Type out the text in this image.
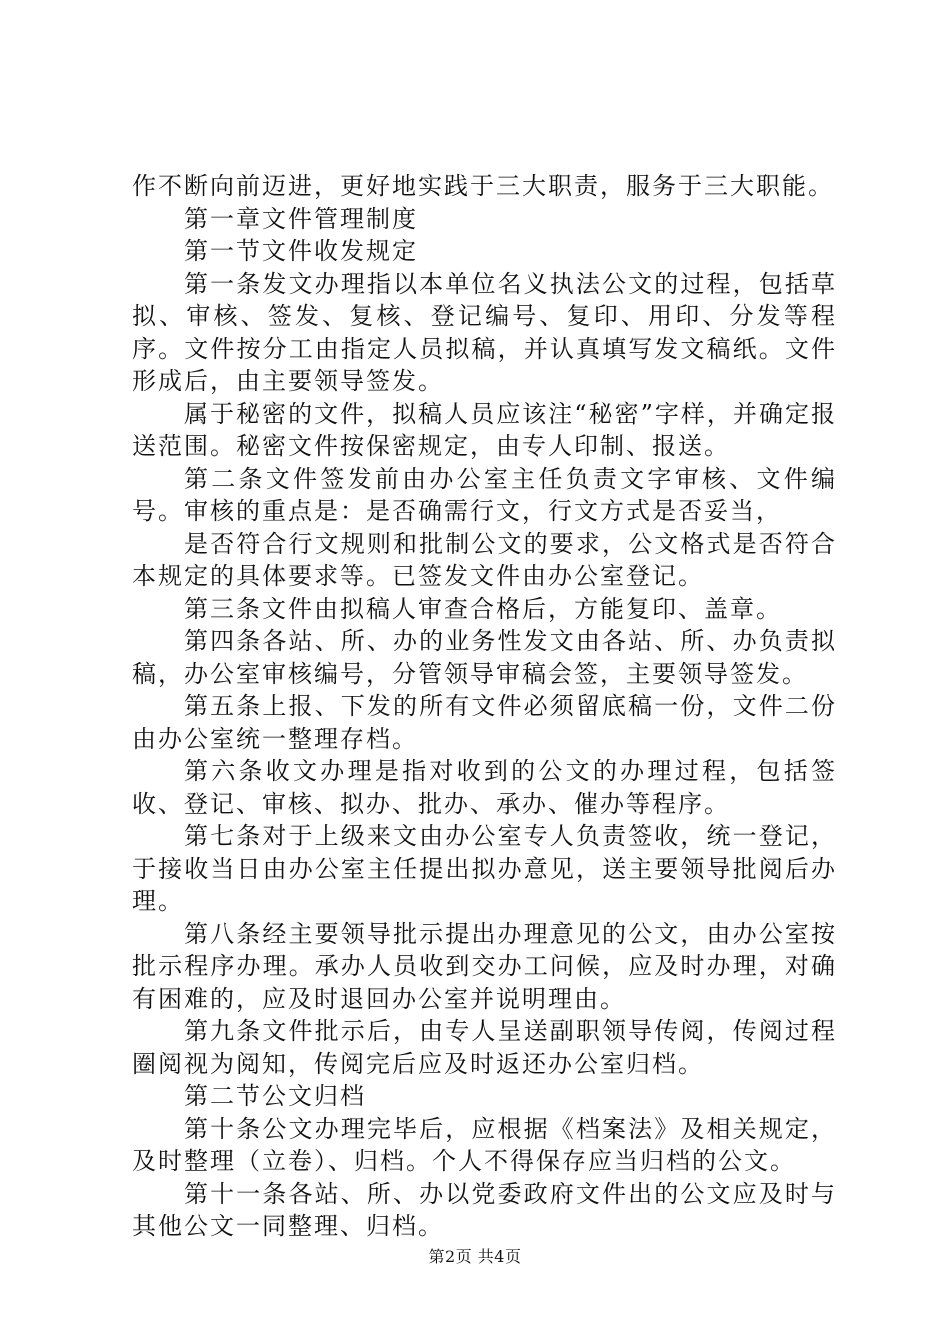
作不断向前迈进，更好地实践于三大职责，服务于三大职能。

第一章文件管理制度

第一节文件收发规定

第一条发文办理指以本单位名义执法公文的过程，包括草拟、审核、签发、复核、登记编号、复印、用印、分发等程序。文件按分工由指定人员拟稿，并认真填写发文稿纸。文件形成后，由主要领导签发。

属于秘密的文件，拟稿人员应该注“秘密”字样，并确定报送范围。秘密文件按保密规定，由专人印制、报送。

第二条文件签发前由办公室主任负责文字审核、文件编号。审核的重点是：是否确需行文，行文方式是否妥当，

是否符合行文规则和批制公文的要求，公文格式是否符合本规定的具体要求等。已签发文件由办公室登记。

第三条文件由拟稿人审查合格后，方能复印、盖章。

第四条各站、所、办的业务性发文由各站、所、办负责拟稿，办公室审核编号，分管领导审稿会签，主要领导签发。

第五条上报、下发的所有文件必须留底稿一份，文件二份由办公室统一整理存档。

第六条收文办理是指对收到的公文的办理过程，包括签收、登记、审核、拟办、批办、承办、催办等程序。

第七条对于上级来文由办公室专人负责签收，统一登记，于接收当日由办公室主任提出拟办意见，送主要领导批阅后办理。

第八条经主要领导批示提出办理意见的公文，由办公室按批示程序办理。承办人员收到交办工问候，应及时办理，对确有困难的，应及时退回办公室并说明理由。

第九条文件批示后，由专人呈送副职领导传阅，传阅过程圈阅视为阅知，传阅完后应及时返还办公室归档。

第二节公文归档

第十条公文办理完毕后，应根据《档案法》及相关规定，及时整理（立卷）、归档。个人不得保存应当归档的公文。

第十一条各站、所、办以党委政府文件出的公文应及时与其他公文一同整理、归档。

第2页 共4页
